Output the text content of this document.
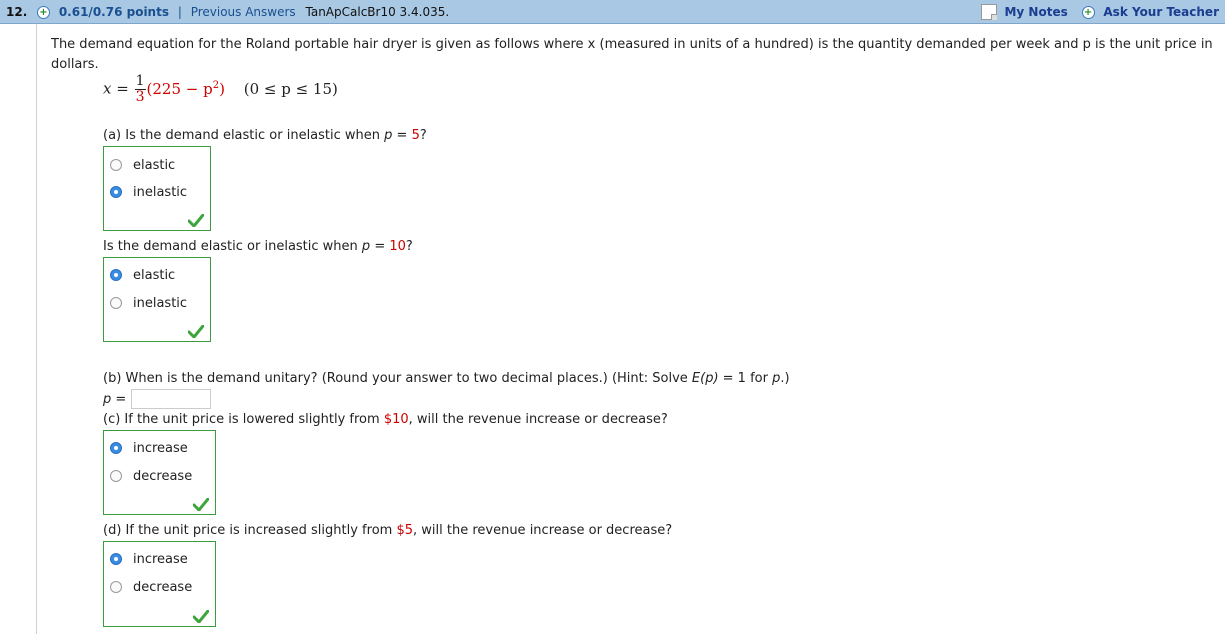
12. + 0.61/0.76 points | Previous Answers TanApCalcBr10 3.4.035.	My Notes + Ask Your Teacher
The demand equation for the Roland portable hair dryer is given as follows where x (measured in units of a hundred) is the quantity demanded per week and p is the unit price in dollars.
$x = \frac{1}{3} (225 - p^2) (0 \le p \le 15)$
(a) Is the demand elastic or inelastic when p = 5?
elastic
inelastic
Is the demand elastic or inelastic when p = 10?
elastic
inelastic
(b) When is the demand unitary? (Round your answer to two decimal places.) (Hint: Solve E(p) = 1 for p.)
p =
(c) If the unit price is lowered slightly from $10, will the revenue increase or decrease?
increase
decrease
(d) If the unit price is increased slightly from $5, will the revenue increase or decrease?
increase
decrease
